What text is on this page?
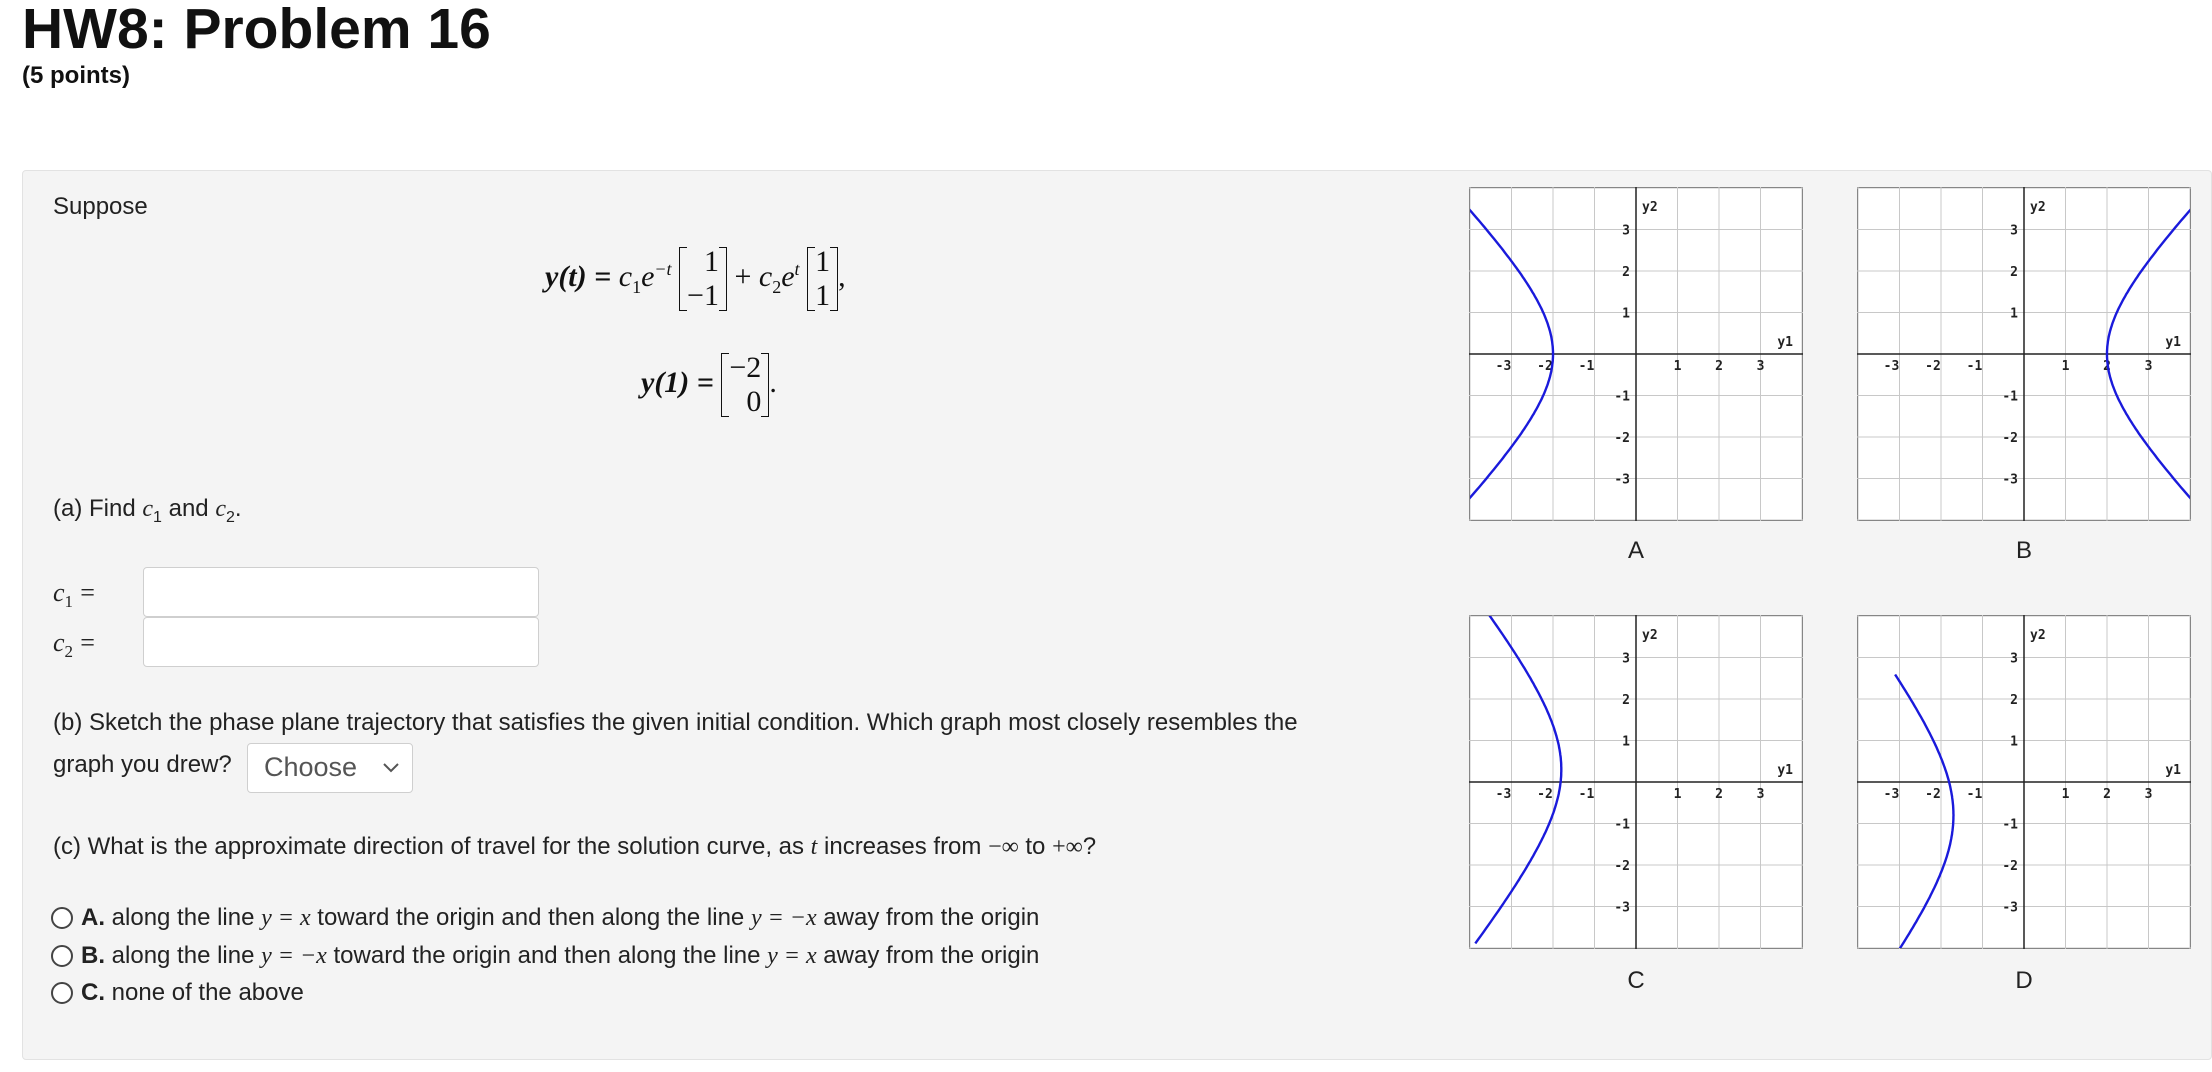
HW8: Problem 16
(5 points)
Suppose
$y(t) = c_1e^{-t}$	1
−1
+ $c_2e^t$ 1
1
,
y(1) = −2
0
.
(a) Find $c_1$ and $c_2$.
$c_1$ =
$c_2$ =
(b) Sketch the phase plane trajectory that satisfies the given initial condition. Which graph most closely resembles the
graph you drew? Choose
(c) What is the approximate direction of travel for the solution curve, as t increases from −∞ to +∞?
A. along the line y = x toward the origin and then along the line y = −x away from the origin
B. along the line y = −x toward the origin and then along the line y = x away from the origin
C. none of the above
-3 -2 -1	1	2	3
3
2
1
-1
-2
-3
y1
y2
A
-3 -2 -1	1	2	3
3
2
1
-1
-2
-3
y1
y2
B
-3 -2 -1	1	2	3
3
2
1
-1
-2
-3
y1
y2
C
-3 -2 -1	1	2	3
3
2
1
-1
-2
-3
y1
y2
D
